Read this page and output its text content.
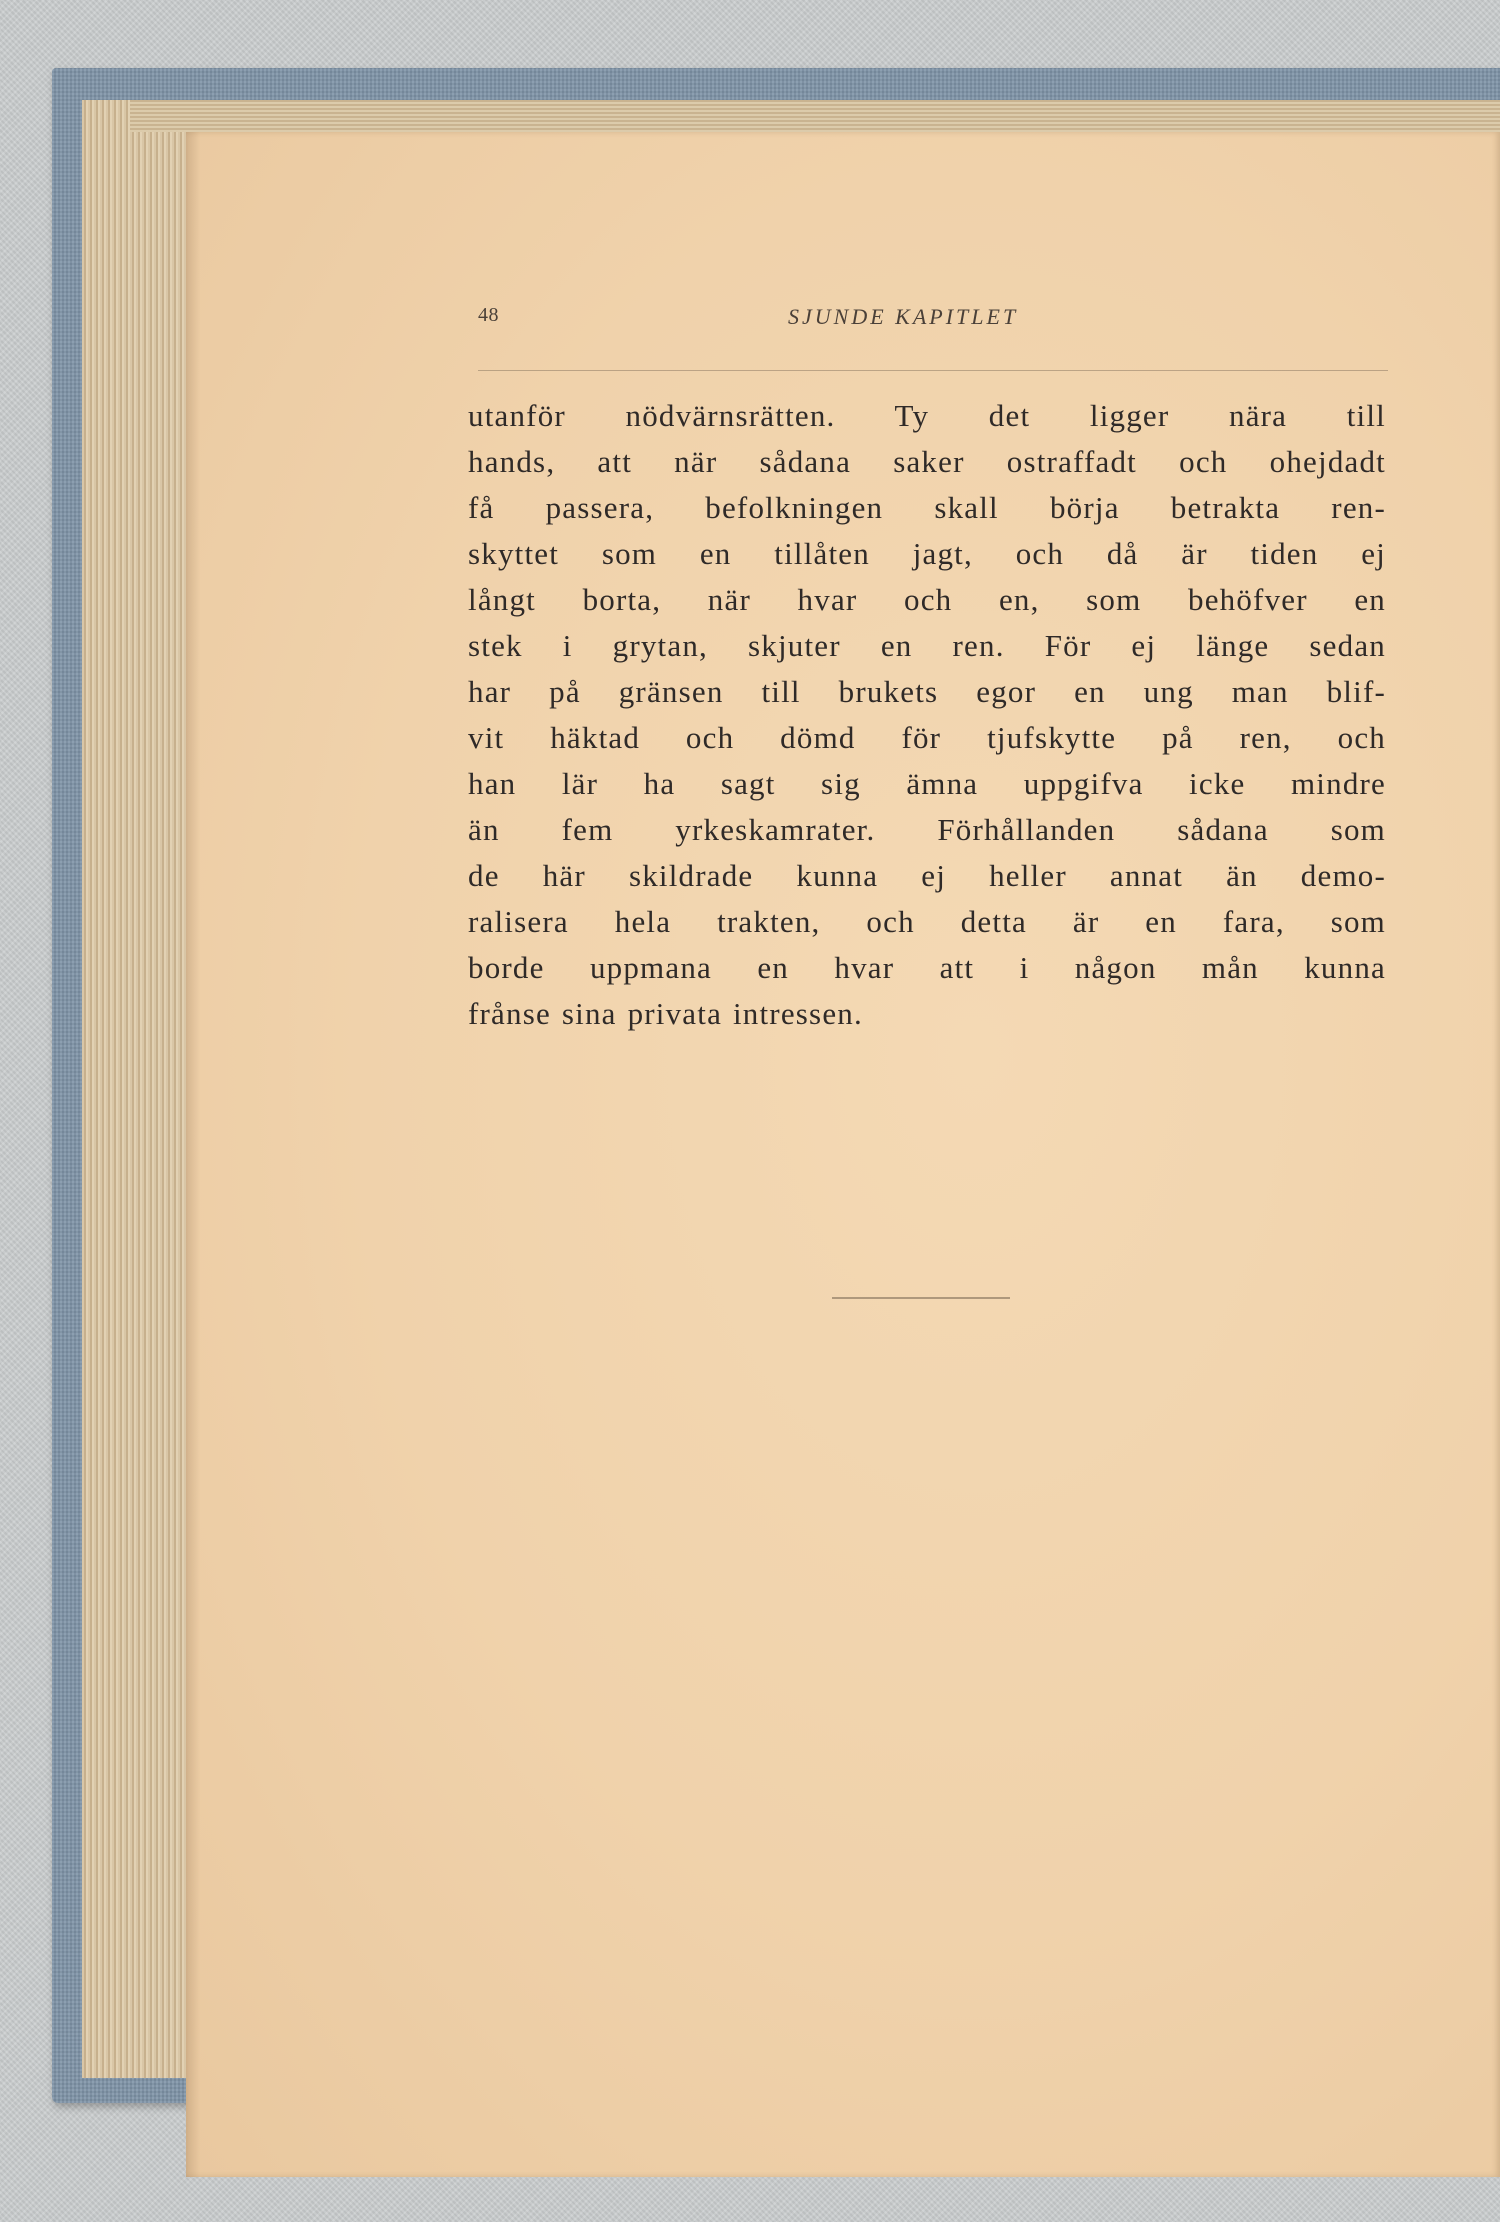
48	SJUNDE KAPITLET
utanför nödvärnsrätten. Ty det ligger nära till
hands, att när sådana saker ostraffadt och ohejdadt
få passera, befolkningen skall börja betrakta ren-
skyttet som en tillåten jagt, och då är tiden ej
långt borta, när hvar och en, som behöfver en
stek i grytan, skjuter en ren. För ej länge sedan
har på gränsen till brukets egor en ung man blif-
vit häktad och dömd för tjufskytte på ren, och
han lär ha sagt sig ämna uppgifva icke mindre
än fem yrkeskamrater. Förhållanden sådana som
de här skildrade kunna ej heller annat än demo-
ralisera hela trakten, och detta är en fara, som
borde uppmana en hvar att i någon mån kunna
frånse sina privata intressen.
